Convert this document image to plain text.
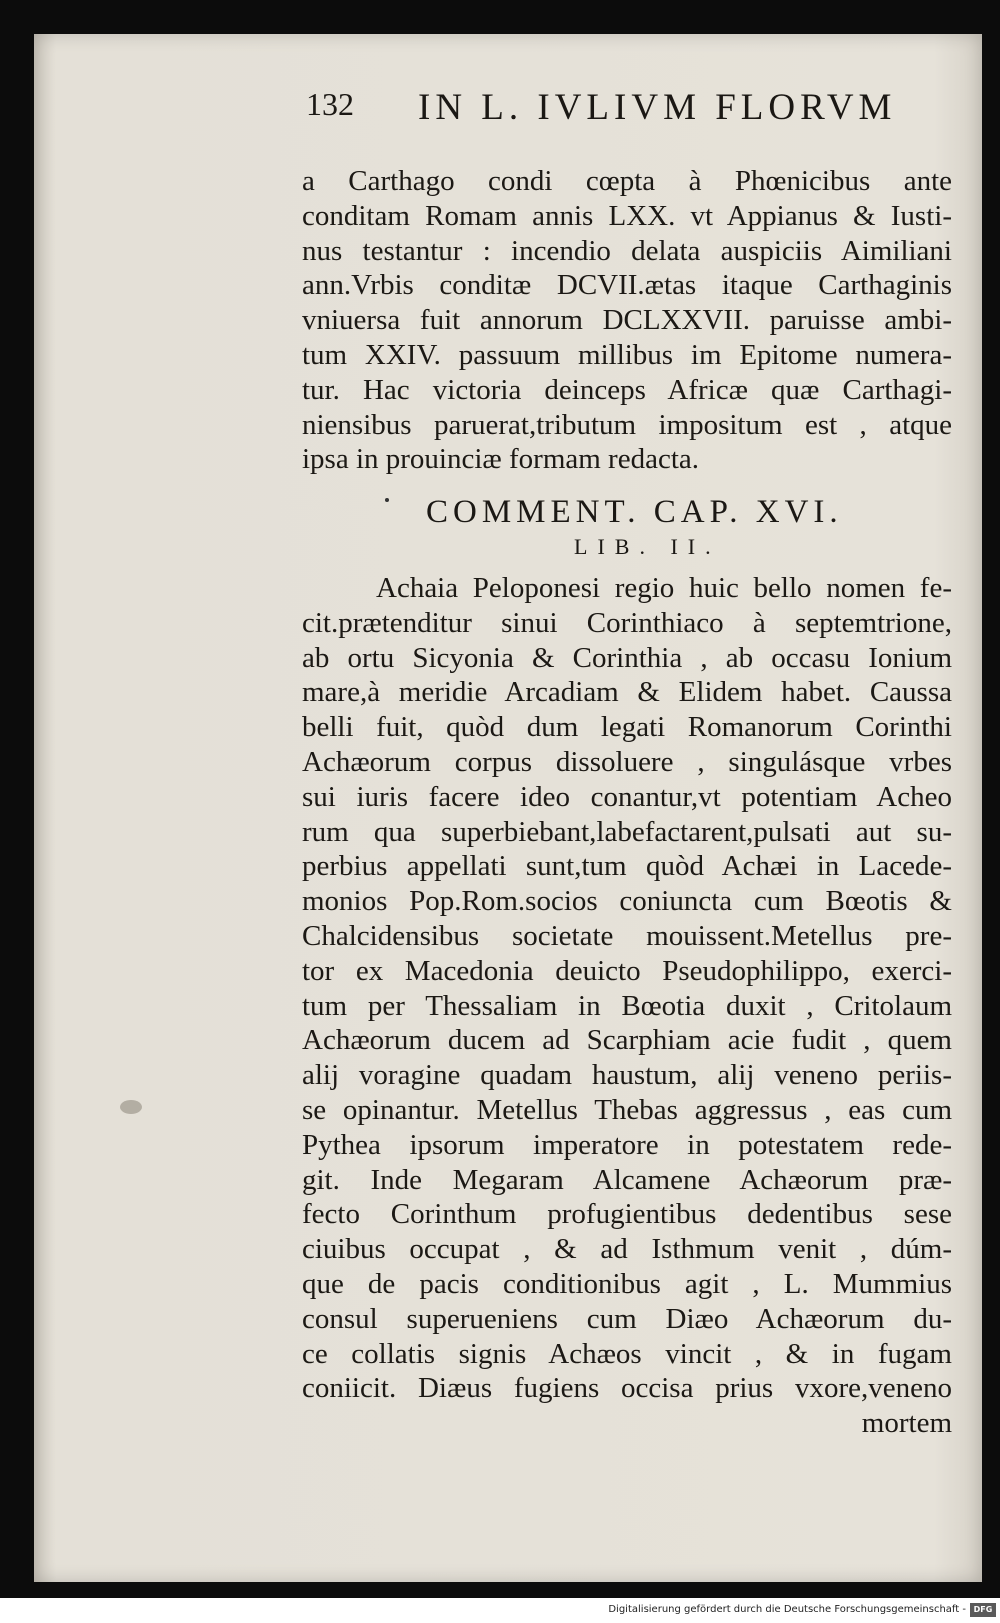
132 IN L. IVLIVM FLORVM
a Carthago condi cœpta à Phœnicibus ante
conditam Romam annis LXX. vt Appianus & Iusti-
nus testantur : incendio delata auspiciis Aimiliani
ann.Vrbis conditæ DCVII.ætas itaque Carthaginis
vniuersa fuit annorum DCLXXVII. paruisse ambi-
tum XXIV. passuum millibus im Epitome numera-
tur. Hac victoria deinceps Africæ quæ Carthagi-
niensibus paruerat,tributum impositum est , atque
ipsa in prouinciæ formam redacta.
COMMENT. CAP. XVI.
LIB. II.
Achaia Peloponesi regio huic bello nomen fe-
cit.prætenditur sinui Corinthiaco à septemtrione,
ab ortu Sicyonia & Corinthia , ab occasu Ionium
mare,à meridie Arcadiam & Elidem habet. Caussa
belli fuit, quòd dum legati Romanorum Corinthi
Achæorum corpus dissoluere , singulásque vrbes
sui iuris facere ideo conantur,vt potentiam Acheo
rum qua superbiebant,labefactarent,pulsati aut su-
perbius appellati sunt,tum quòd Achæi in Lacede-
monios Pop.Rom.socios coniuncta cum Bœotis &
Chalcidensibus societate mouissent.Metellus pre-
tor ex Macedonia deuicto Pseudophilippo, exerci-
tum per Thessaliam in Bœotia duxit , Critolaum
Achæorum ducem ad Scarphiam acie fudit , quem
alij voragine quadam haustum, alij veneno periis-
se opinantur. Metellus Thebas aggressus , eas cum
Pythea ipsorum imperatore in potestatem rede-
git. Inde Megaram Alcamene Achæorum præ-
fecto Corinthum profugientibus dedentibus sese
ciuibus occupat , & ad Isthmum venit , dúm-
que de pacis conditionibus agit , L. Mummius
consul superueniens cum Diæo Achæorum du-
ce collatis signis Achæos vincit , & in fugam
coniicit. Diæus fugiens occisa prius vxore,veneno
mortem
Digitalisierung gefördert durch die Deutsche Forschungsgemeinschaft - DFG
